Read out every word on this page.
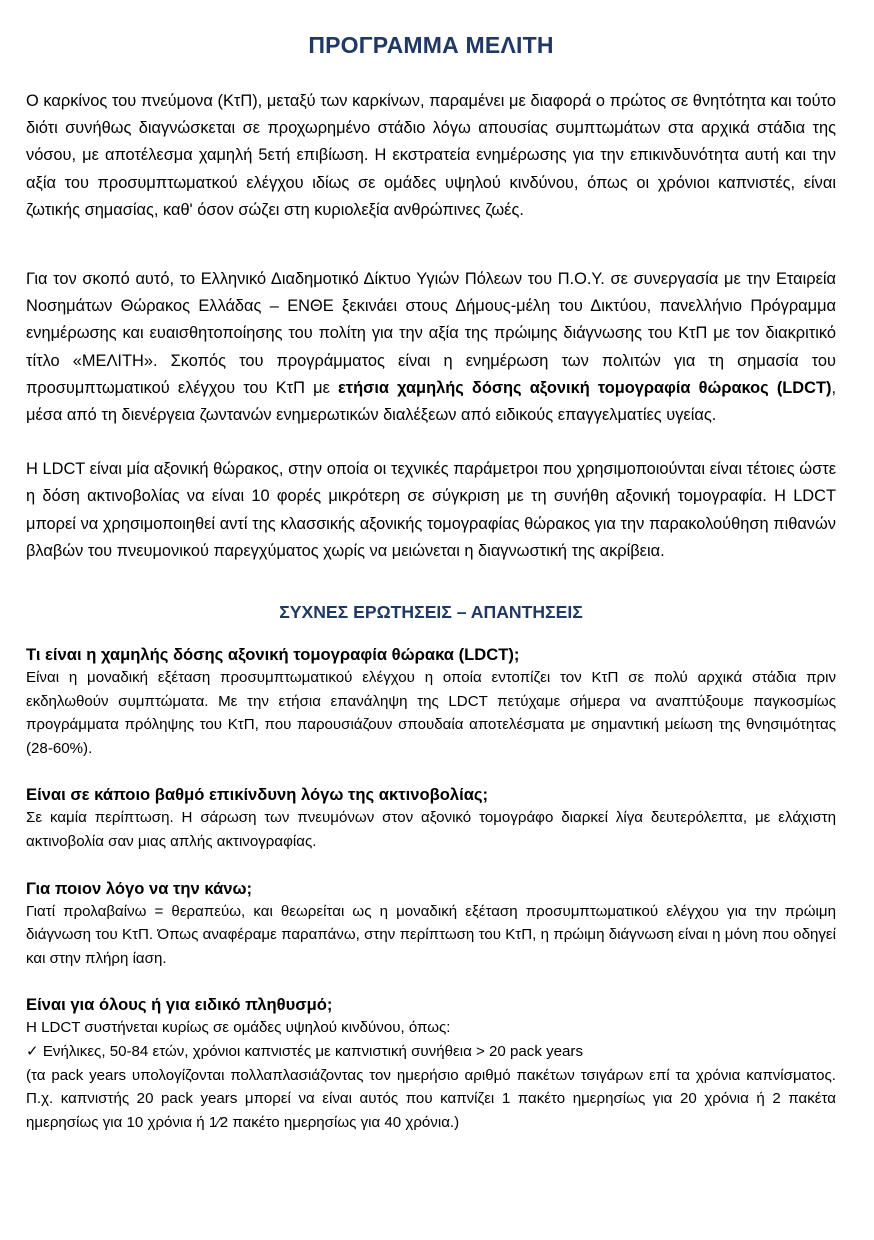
ΠΡΟΓΡΑΜΜΑ ΜΕΛΙΤΗ

Ο καρκίνος του πνεύμονα (ΚτΠ), μεταξύ των καρκίνων, παραμένει με διαφορά ο πρώτος σε θνητότητα και τούτο διότι συνήθως διαγνώσκεται σε προχωρημένο στάδιο λόγω απουσίας συμπτωμάτων στα αρχικά στάδια της νόσου, με αποτέλεσμα χαμηλή 5ετή επιβίωση. Η εκστρατεία ενημέρωσης για την επικινδυνότητα αυτή και την αξία του προσυμπτωματκού ελέγχου ιδίως σε ομάδες υψηλού κινδύνου, όπως οι χρόνιοι καπνιστές, είναι ζωτικής σημασίας, καθ' όσον σώζει στη κυριολεξία ανθρώπινες ζωές.

Για τον σκοπό αυτό, το Ελληνικό Διαδημοτικό Δίκτυο Υγιών Πόλεων του Π.Ο.Υ. σε συνεργασία με την Εταιρεία Νοσημάτων Θώρακος Ελλάδας – ΕΝΘΕ ξεκινάει στους Δήμους-μέλη του Δικτύου, πανελλήνιο Πρόγραμμα ενημέρωσης και ευαισθητοποίησης του πολίτη για την αξία της πρώιμης διάγνωσης του ΚτΠ με τον διακριτικό τίτλο «ΜΕΛΙΤΗ». Σκοπός του προγράμματος είναι η ενημέρωση των πολιτών για τη σημασία του προσυμπτωματικού ελέγχου του ΚτΠ με ετήσια χαμηλής δόσης αξονική τομογραφία θώρακος (LDCT), μέσα από τη διενέργεια ζωντανών ενημερωτικών διαλέξεων από ειδικούς επαγγελματίες υγείας.

Η LDCT είναι μία αξονική θώρακος, στην οποία οι τεχνικές παράμετροι που χρησιμοποιούνται είναι τέτοιες ώστε η δόση ακτινοβολίας να είναι 10 φορές μικρότερη σε σύγκριση με τη συνήθη αξονική τομογραφία. Η LDCT μπορεί να χρησιμοποιηθεί αντί της κλασσικής αξονικής τομογραφίας θώρακος για την παρακολούθηση πιθανών βλαβών του πνευμονικού παρεγχύματος χωρίς να μειώνεται η διαγνωστική της ακρίβεια.

ΣΥΧΝΕΣ ΕΡΩΤΗΣΕΙΣ – ΑΠΑΝΤΗΣΕΙΣ

Τι είναι η χαμηλής δόσης αξονική τομογραφία θώρακα (LDCT);

Είναι η μοναδική εξέταση προσυμπτωματικού ελέγχου η οποία εντοπίζει τον ΚτΠ σε πολύ αρχικά στάδια πριν εκδηλωθούν συμπτώματα. Με την ετήσια επανάληψη της LDCT πετύχαμε σήμερα να αναπτύξουμε παγκοσμίως προγράμματα πρόληψης του ΚτΠ, που παρουσιάζουν σπουδαία αποτελέσματα με σημαντική μείωση της θνησιμότητας (28-60%).

Είναι σε κάποιο βαθμό επικίνδυνη λόγω της ακτινοβολίας;

Σε καμία περίπτωση. Η σάρωση των πνευμόνων στον αξονικό τομογράφο διαρκεί λίγα δευτερόλεπτα, με ελάχιστη ακτινοβολία σαν μιας απλής ακτινογραφίας.

Για ποιον λόγο να την κάνω;

Γιατί προλαβαίνω = θεραπεύω, και θεωρείται ως η μοναδική εξέταση προσυμπτωματικού ελέγχου για την πρώιμη διάγνωση του ΚτΠ. Όπως αναφέραμε παραπάνω, στην περίπτωση του ΚτΠ, η πρώιμη διάγνωση είναι η μόνη που οδηγεί και στην πλήρη ίαση.

Είναι για όλους ή για ειδικό πληθυσμό;

Η LDCT συστήνεται κυρίως σε ομάδες υψηλού κινδύνου, όπως:
✓ Ενήλικες, 50-84 ετών, χρόνιοι καπνιστές με καπνιστική συνήθεια > 20 pack years
(τα pack years υπολογίζονται πολλαπλασιάζοντας τον ημερήσιο αριθμό πακέτων τσιγάρων επί τα χρόνια καπνίσματος. Π.χ. καπνιστής 20 pack years μπορεί να είναι αυτός που καπνίζει 1 πακέτο ημερησίως για 20 χρόνια ή 2 πακέτα ημερησίως για 10 χρόνια ή 1⁄2 πακέτο ημερησίως για 40 χρόνια.)
